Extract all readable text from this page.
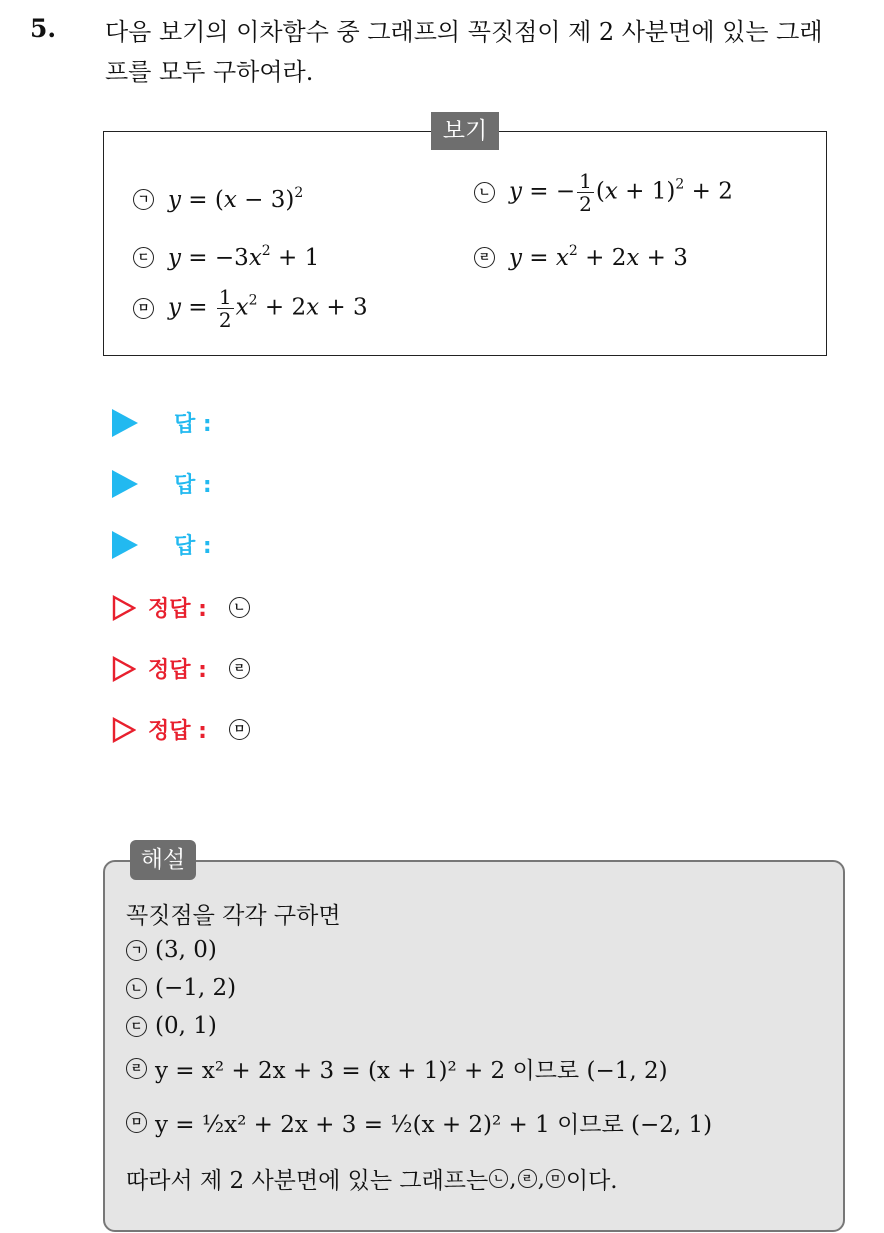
5. 다음 보기의 이차함수 중 그래프의 꼭짓점이 제 2 사분면에 있는 그래
프를 모두 구하여라.
보기
ㄱ $y = (x - 3)^2$	ㄴ y = − $\frac{1}{2} (x + 1)^2 + 2$
ㄷ $y = -3x^2 + 1$	ㄹ $y = x^2 + 2x + 3$
ㅁ $y = \frac{1}{2} x^2 + 2x + 3$
답 :
답 :
답 :
정답 :	ㄴ
정답 :	ㄹ
정답 :	ㅁ
해설
꼭짓점을 각각 구하면
ㄱ (3, 0)
ㄴ (−1, 2)
ㄷ (0, 1)
ㄹ y = x² + 2x + 3 = (x + 1)² + 2 이므로 (−1, 2)
ㅁ y = ½x² + 2x + 3 = ½(x + 2)² + 1 이므로 (−2, 1)
따라서 제 2 사분면에 있는 그래프는 ㄴ , ㄹ , ㅁ 이다.
